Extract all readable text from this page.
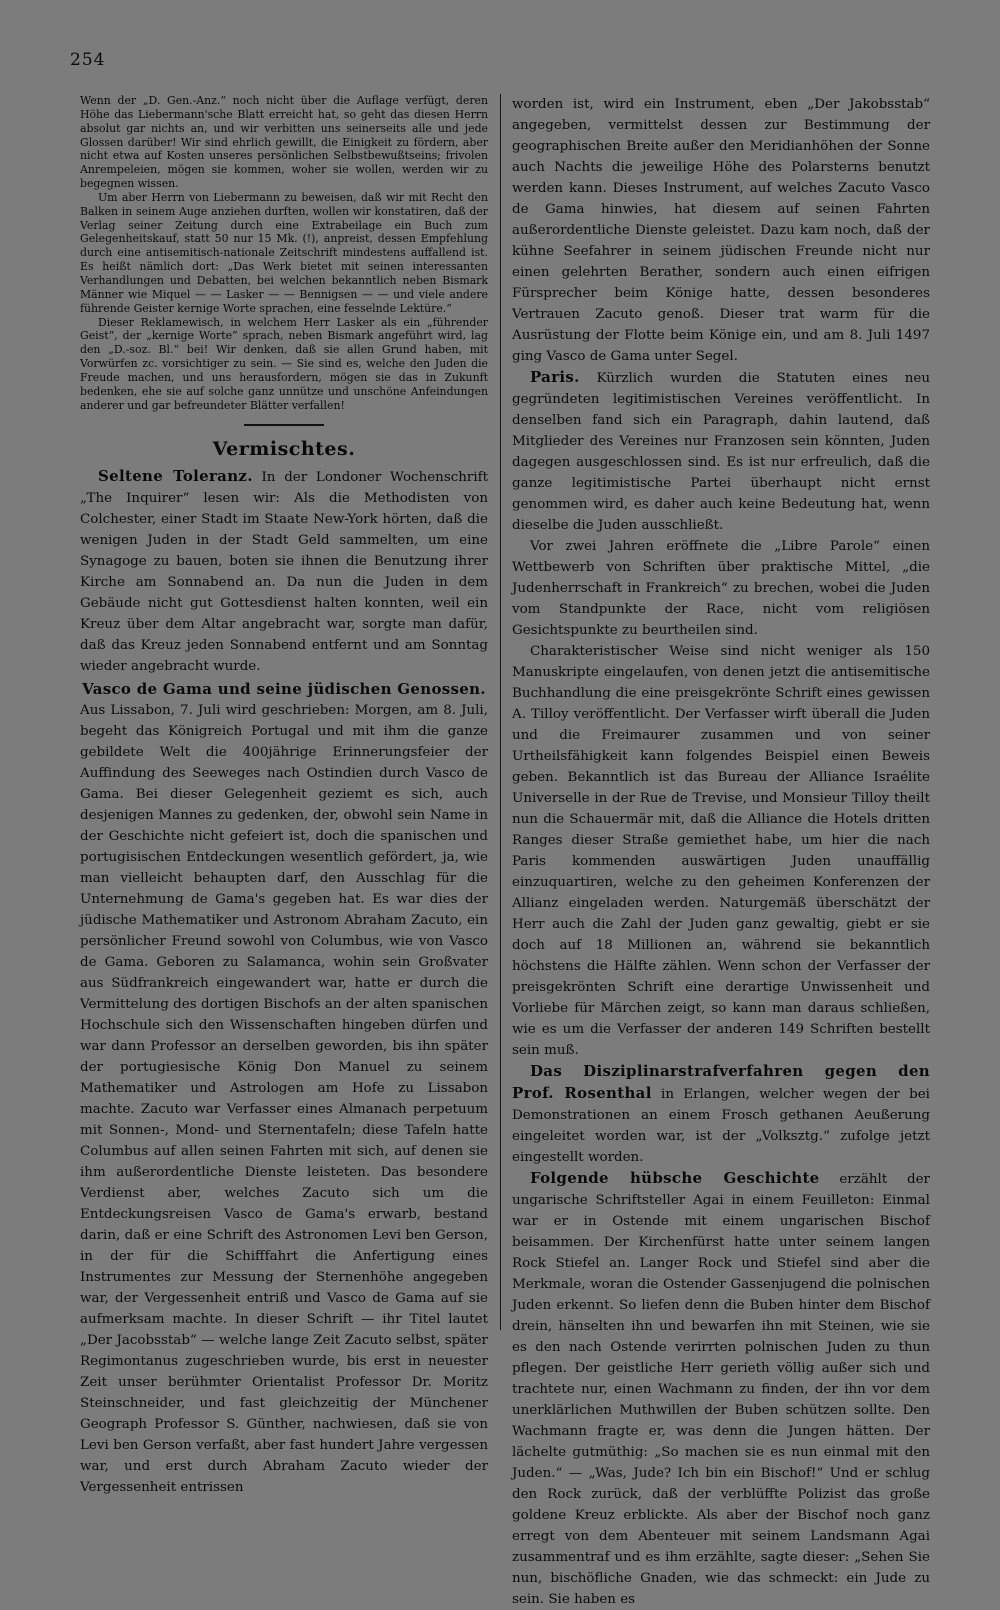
254

Wenn der „D. Gen.-Anz.“ noch nicht über die Auflage verfügt, deren Höhe das Liebermann'sche Blatt erreicht hat, so geht das diesen Herrn absolut gar nichts an, und wir verbitten uns seinerseits alle und jede Glossen darüber! Wir sind ehrlich gewillt, die Einigkeit zu fördern, aber nicht etwa auf Kosten unseres persönlichen Selbstbewußtseins; frivolen Anrempeleien, mögen sie kommen, woher sie wollen, werden wir zu begegnen wissen.

Um aber Herrn von Liebermann zu beweisen, daß wir mit Recht den Balken in seinem Auge anziehen durften, wollen wir konstatiren, daß der Verlag seiner Zeitung durch eine Extrabeilage ein Buch zum Gelegenheitskauf, statt 50 nur 15 Mk. (!), anpreist, dessen Empfehlung durch eine antisemitisch-nationale Zeitschrift mindestens auffallend ist. Es heißt nämlich dort: „Das Werk bietet mit seinen interessanten Verhandlungen und Debatten, bei welchen bekanntlich neben Bismark Männer wie Miquel — — Lasker — — Bennigsen — — und viele andere führende Geister kernige Worte sprachen, eine fesselnde Lektüre.“

Dieser Reklamewisch, in welchem Herr Lasker als ein „führender Geist“, der „kernige Worte“ sprach, neben Bismark angeführt wird, lag den „D.-soz. Bl.“ bei! Wir denken, daß sie allen Grund haben, mit Vorwürfen zc. vorsichtiger zu sein. — Sie sind es, welche den Juden die Freude machen, und uns herausfordern, mögen sie das in Zukunft bedenken, ehe sie auf solche ganz unnütze und unschöne Anfeindungen anderer und gar befreundeter Blätter verfallen!

Vermischtes.

Seltene Toleranz. In der Londoner Wochenschrift „The Inquirer“ lesen wir: Als die Methodisten von Colchester, einer Stadt im Staate New-York hörten, daß die wenigen Juden in der Stadt Geld sammelten, um eine Synagoge zu bauen, boten sie ihnen die Benutzung ihrer Kirche am Sonnabend an. Da nun die Juden in dem Gebäude nicht gut Gottesdienst halten konnten, weil ein Kreuz über dem Altar angebracht war, sorgte man dafür, daß das Kreuz jeden Sonnabend entfernt und am Sonntag wieder angebracht wurde.

Vasco de Gama und seine jüdischen Genossen.

Aus Lissabon, 7. Juli wird geschrieben: Morgen, am 8. Juli, begeht das Königreich Portugal und mit ihm die ganze gebildete Welt die 400jährige Erinnerungsfeier der Auffindung des Seeweges nach Ostindien durch Vasco de Gama. Bei dieser Gelegenheit geziemt es sich, auch desjenigen Mannes zu gedenken, der, obwohl sein Name in der Geschichte nicht gefeiert ist, doch die spanischen und portugisischen Entdeckungen wesentlich gefördert, ja, wie man vielleicht behaupten darf, den Ausschlag für die Unternehmung de Gama's gegeben hat. Es war dies der jüdische Mathematiker und Astronom Abraham Zacuto, ein persönlicher Freund sowohl von Columbus, wie von Vasco de Gama. Geboren zu Salamanca, wohin sein Großvater aus Südfrankreich eingewandert war, hatte er durch die Vermittelung des dortigen Bischofs an der alten spanischen Hochschule sich den Wissenschaften hingeben dürfen und war dann Professor an derselben geworden, bis ihn später der portugiesische König Don Manuel zu seinem Mathematiker und Astrologen am Hofe zu Lissabon machte. Zacuto war Verfasser eines Almanach perpetuum mit Sonnen-, Mond- und Sternentafeln; diese Tafeln hatte Columbus auf allen seinen Fahrten mit sich, auf denen sie ihm außerordentliche Dienste leisteten. Das besondere Verdienst aber, welches Zacuto sich um die Entdeckungsreisen Vasco de Gama's erwarb, bestand darin, daß er eine Schrift des Astronomen Levi ben Gerson, in der für die Schifffahrt die Anfertigung eines Instrumentes zur Messung der Sternenhöhe angegeben war, der Vergessenheit entriß und Vasco de Gama auf sie aufmerksam machte. In dieser Schrift — ihr Titel lautet „Der Jacobsstab“ — welche lange Zeit Zacuto selbst, später Regimontanus zugeschrieben wurde, bis erst in neuester Zeit unser berühmter Orientalist Professor Dr. Moritz Steinschneider, und fast gleichzeitig der Münchener Geograph Professor S. Günther, nachwiesen, daß sie von Levi ben Gerson verfaßt, aber fast hundert Jahre vergessen war, und erst durch Abraham Zacuto wieder der Vergessenheit entrissen

worden ist, wird ein Instrument, eben „Der Jakobsstab“ angegeben, vermittelst dessen zur Bestimmung der geographischen Breite außer den Meridianhöhen der Sonne auch Nachts die jeweilige Höhe des Polarsterns benutzt werden kann. Dieses Instrument, auf welches Zacuto Vasco de Gama hinwies, hat diesem auf seinen Fahrten außerordentliche Dienste geleistet. Dazu kam noch, daß der kühne Seefahrer in seinem jüdischen Freunde nicht nur einen gelehrten Berather, sondern auch einen eifrigen Fürsprecher beim Könige hatte, dessen besonderes Vertrauen Zacuto genoß. Dieser trat warm für die Ausrüstung der Flotte beim Könige ein, und am 8. Juli 1497 ging Vasco de Gama unter Segel.

Paris. Kürzlich wurden die Statuten eines neu gegründeten legitimistischen Vereines veröffentlicht. In denselben fand sich ein Paragraph, dahin lautend, daß Mitglieder des Vereines nur Franzosen sein könnten, Juden dagegen ausgeschlossen sind. Es ist nur erfreulich, daß die ganze legitimistische Partei überhaupt nicht ernst genommen wird, es daher auch keine Bedeutung hat, wenn dieselbe die Juden ausschließt.

Vor zwei Jahren eröffnete die „Libre Parole“ einen Wettbewerb von Schriften über praktische Mittel, „die Judenherrschaft in Frankreich“ zu brechen, wobei die Juden vom Standpunkte der Race, nicht vom religiösen Gesichtspunkte zu beurtheilen sind.

Charakteristischer Weise sind nicht weniger als 150 Manuskripte eingelaufen, von denen jetzt die antisemitische Buchhandlung die eine preisgekrönte Schrift eines gewissen A. Tilloy veröffentlicht. Der Verfasser wirft überall die Juden und die Freimaurer zusammen und von seiner Urtheilsfähigkeit kann folgendes Beispiel einen Beweis geben. Bekanntlich ist das Bureau der Alliance Israélite Universelle in der Rue de Trevise, und Monsieur Tilloy theilt nun die Schauermär mit, daß die Alliance die Hotels dritten Ranges dieser Straße gemiethet habe, um hier die nach Paris kommenden auswärtigen Juden unauffällig einzuquartiren, welche zu den geheimen Konferenzen der Allianz eingeladen werden. Naturgemäß überschätzt der Herr auch die Zahl der Juden ganz gewaltig, giebt er sie doch auf 18 Millionen an, während sie bekanntlich höchstens die Hälfte zählen. Wenn schon der Verfasser der preisgekrönten Schrift eine derartige Unwissenheit und Vorliebe für Märchen zeigt, so kann man daraus schließen, wie es um die Verfasser der anderen 149 Schriften bestellt sein muß.

Das Disziplinarstrafverfahren gegen den Prof. Rosenthal in Erlangen, welcher wegen der bei Demonstrationen an einem Frosch gethanen Aeußerung eingeleitet worden war, ist der „Volksztg.“ zufolge jetzt eingestellt worden.

Folgende hübsche Geschichte erzählt der ungarische Schriftsteller Agai in einem Feuilleton: Einmal war er in Ostende mit einem ungarischen Bischof beisammen. Der Kirchenfürst hatte unter seinem langen Rock Stiefel an. Langer Rock und Stiefel sind aber die Merkmale, woran die Ostender Gassenjugend die polnischen Juden erkennt. So liefen denn die Buben hinter dem Bischof drein, hänselten ihn und bewarfen ihn mit Steinen, wie sie es den nach Ostende verirrten polnischen Juden zu thun pflegen. Der geistliche Herr gerieth völlig außer sich und trachtete nur, einen Wachmann zu finden, der ihn vor dem unerklärlichen Muthwillen der Buben schützen sollte. Den Wachmann fragte er, was denn die Jungen hätten. Der lächelte gutmüthig: „So machen sie es nun einmal mit den Juden.“ — „Was, Jude? Ich bin ein Bischof!“ Und er schlug den Rock zurück, daß der verblüffte Polizist das große goldene Kreuz erblickte. Als aber der Bischof noch ganz erregt von dem Abenteuer mit seinem Landsmann Agai zusammentraf und es ihm erzählte, sagte dieser: „Sehen Sie nun, bischöfliche Gnaden, wie das schmeckt: ein Jude zu sein. Sie haben es
